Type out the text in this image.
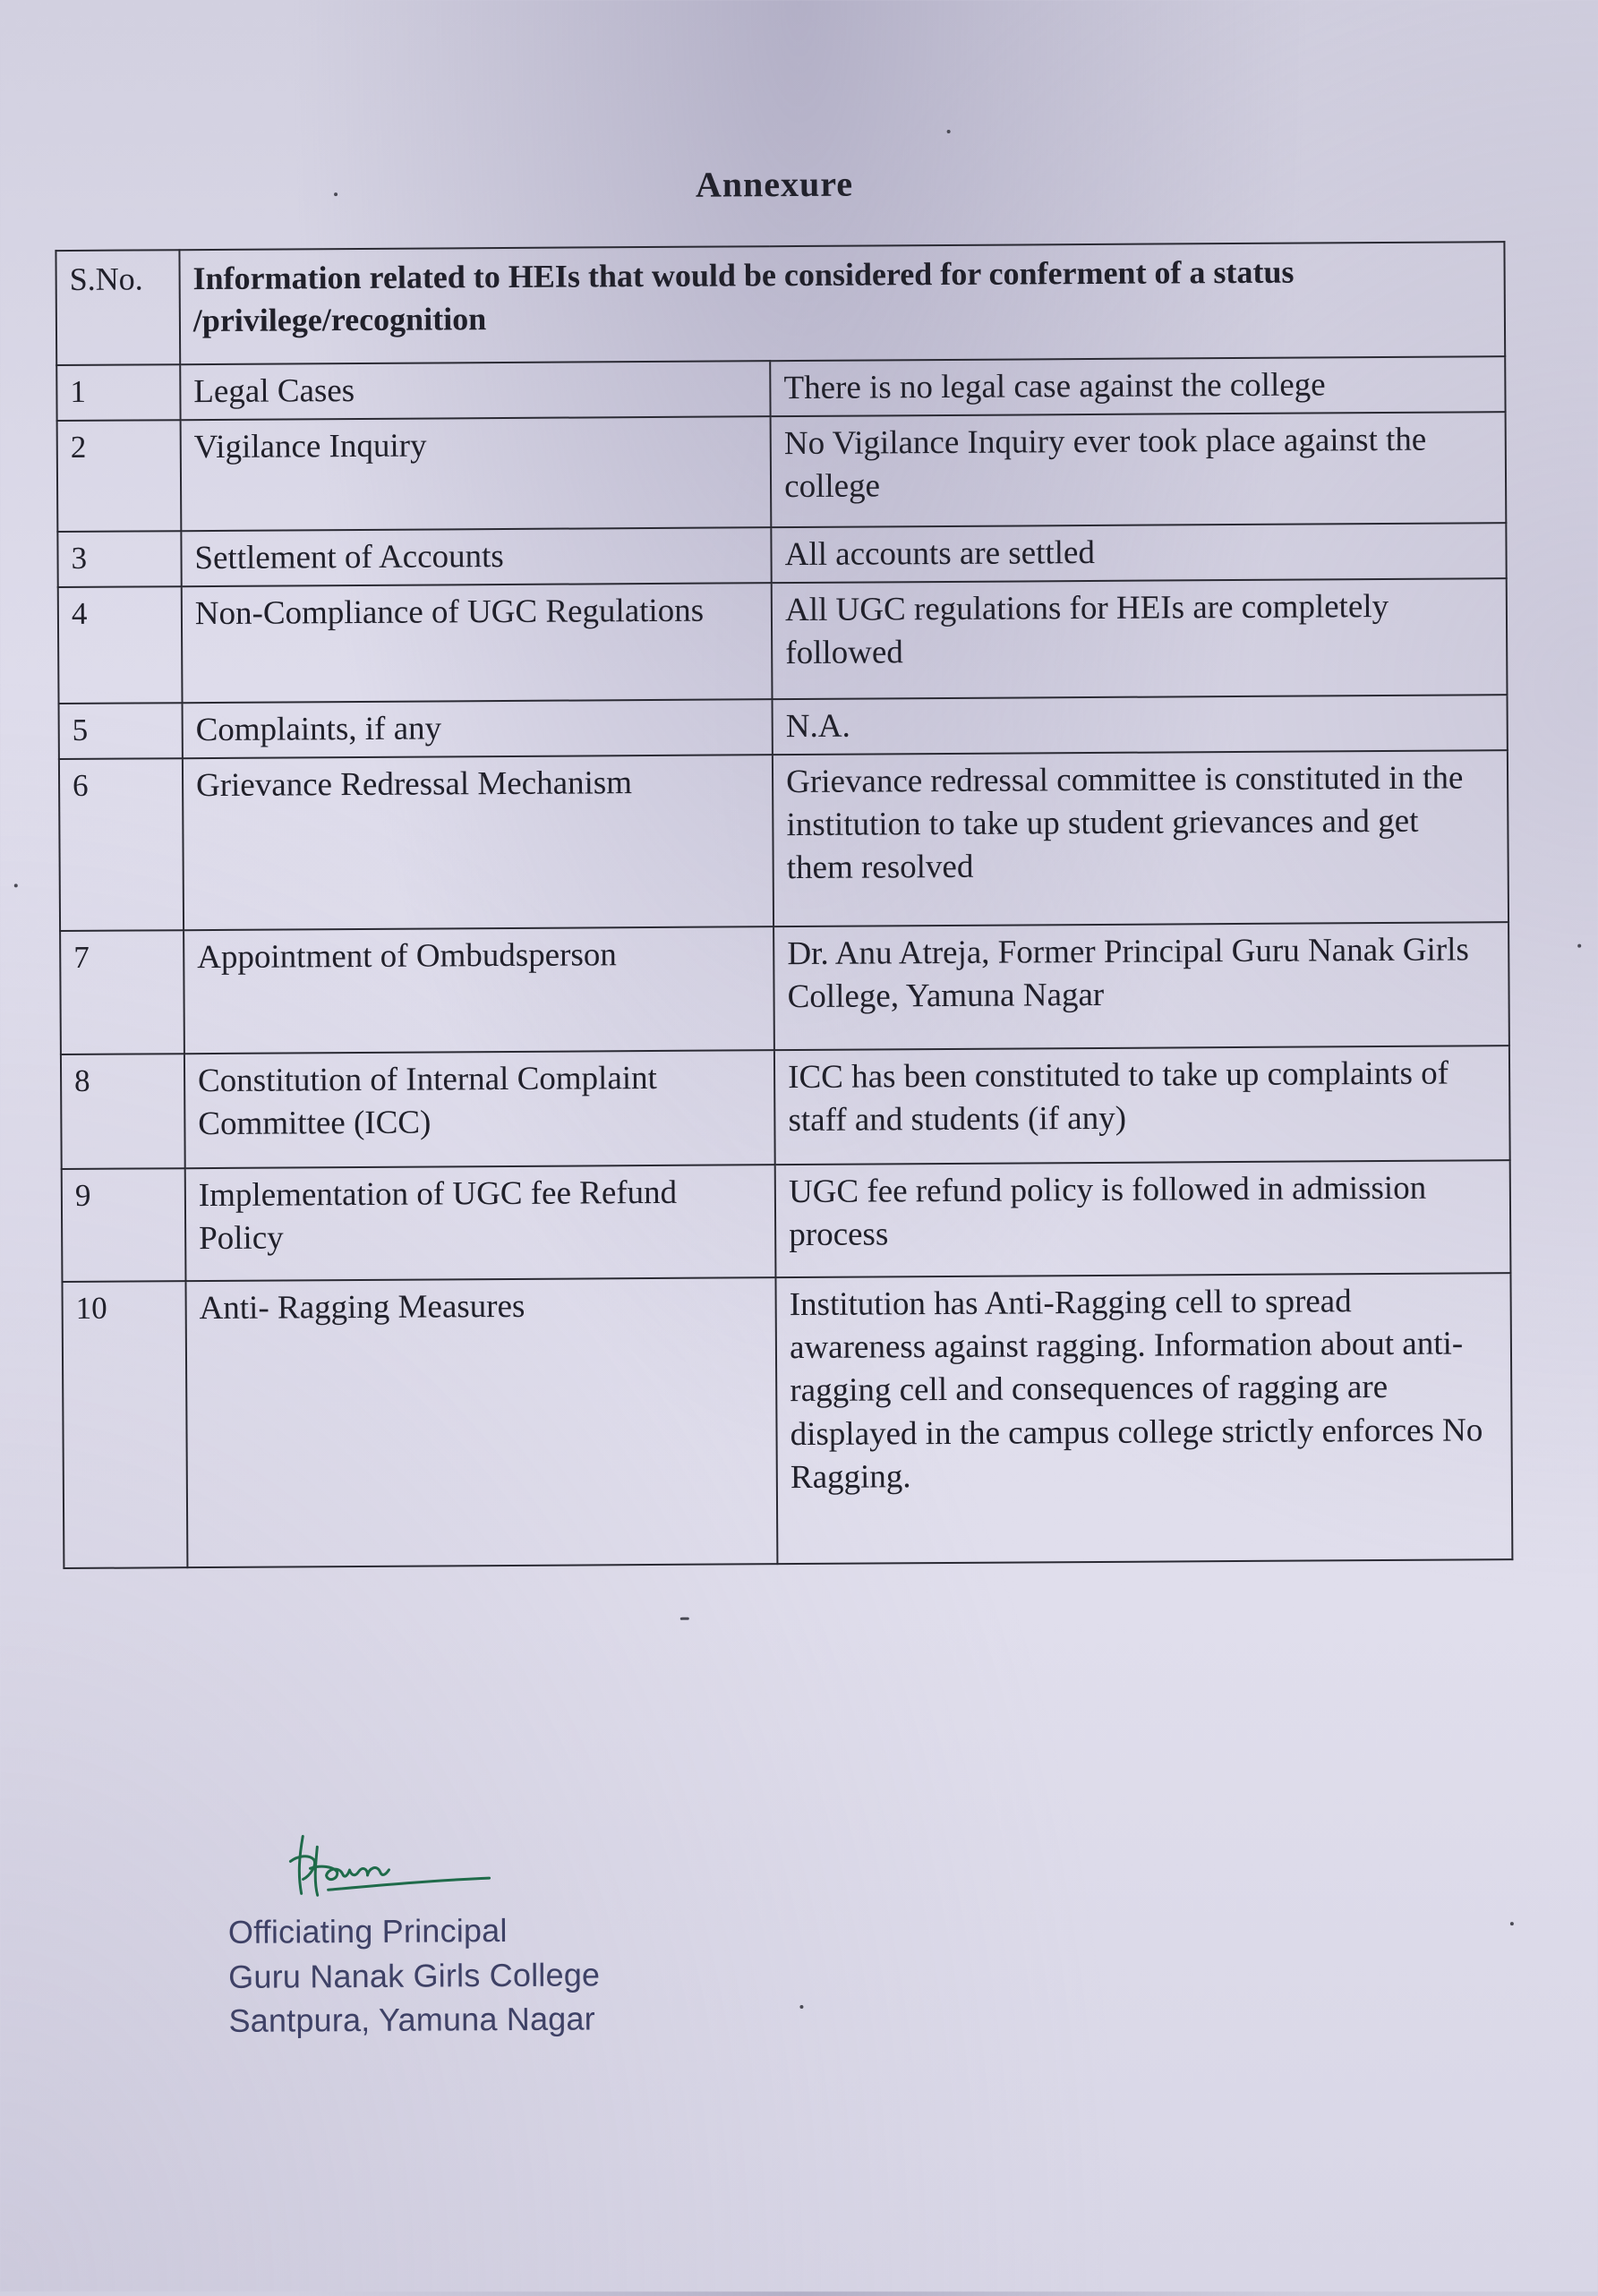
Annexure
S.No.	Information related to HEIs that would be considered for conferment of a status /privilege/recognition	
1	Legal Cases	There is no legal case against the college
2	Vigilance Inquiry	No Vigilance Inquiry ever took place against the college
3	Settlement of Accounts	All accounts are settled
4	Non-Compliance of UGC Regulations	All UGC regulations for HEIs are completely followed
5	Complaints, if any	N.A.
6	Grievance Redressal Mechanism	Grievance redressal committee is constituted in the institution to take up student grievances and get them resolved
7	Appointment of Ombudsperson	Dr. Anu Atreja, Former Principal Guru Nanak Girls College, Yamuna Nagar
8	Constitution of Internal Complaint Committee (ICC)	ICC has been constituted to take up complaints of staff and students (if any)
9	Implementation of UGC fee Refund Policy	UGC fee refund policy is followed in admission process
10	Anti- Ragging Measures	Institution has Anti-Ragging cell to spread awareness against ragging. Information about anti-ragging cell and consequences of ragging are displayed in the campus college strictly enforces No Ragging.
Officiating Principal
Guru Nanak Girls College
Santpura, Yamuna Nagar
